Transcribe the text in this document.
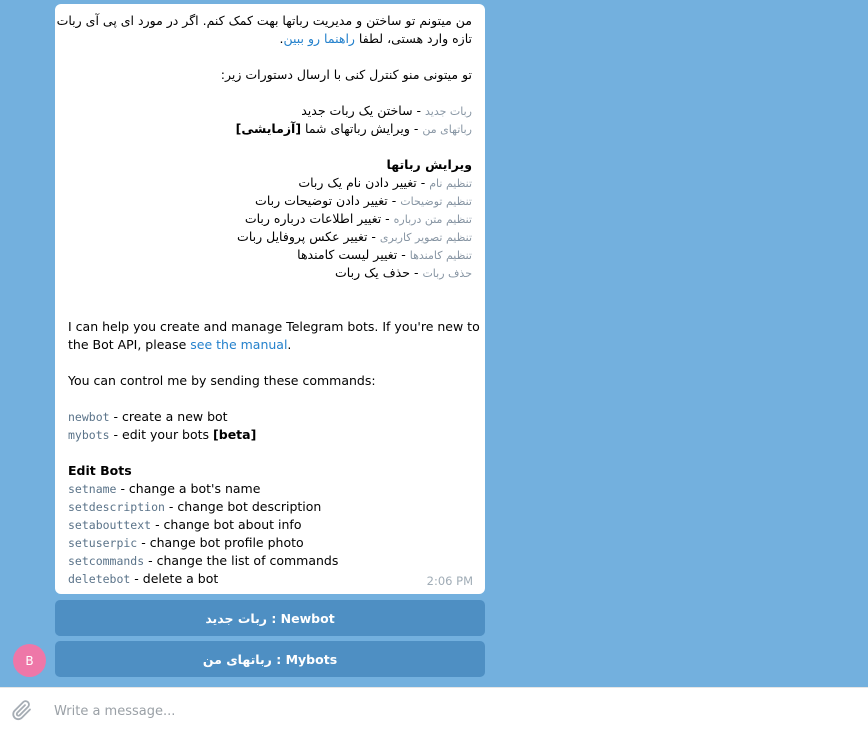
من میتونم تو ساختن و مدیریت رباتها بهت کمک کنم. اگر در مورد ای پی آی ربات
تازه وارد هستی، لطفا راهنما رو ببین.
تو میتونی منو کنترل کنی با ارسال دستورات زیر:
ربات جدید - ساختن یک ربات جدید
رباتهای من - ویرایش رباتهای شما [آزمایشی]
ویرایش رباتها
تنظیم نام - تغییر دادن نام یک ربات
تنظیم توضیحات - تغییر دادن توضیحات ربات
تنظیم متن درباره - تغییر اطلاعات درباره ربات
تنظیم تصویر کاربری - تغییر عکس پروفایل ربات
تنظیم کامندها - تغییر لیست کامندها
حذف ربات - حذف یک ربات
I can help you create and manage Telegram bots. If you're new to
the Bot API, please see the manual.
You can control me by sending these commands:
newbot - create a new bot
mybots - edit your bots [beta]
Edit Bots
setname - change a bot's name
setdescription - change bot description
setabouttext - change bot about info
setuserpic - change bot profile photo
setcommands - change the list of commands
deletebot - delete a bot	2:06 PM
ربات جدید : Newbot
رباتهای من : Mybots
B
Write a message...
